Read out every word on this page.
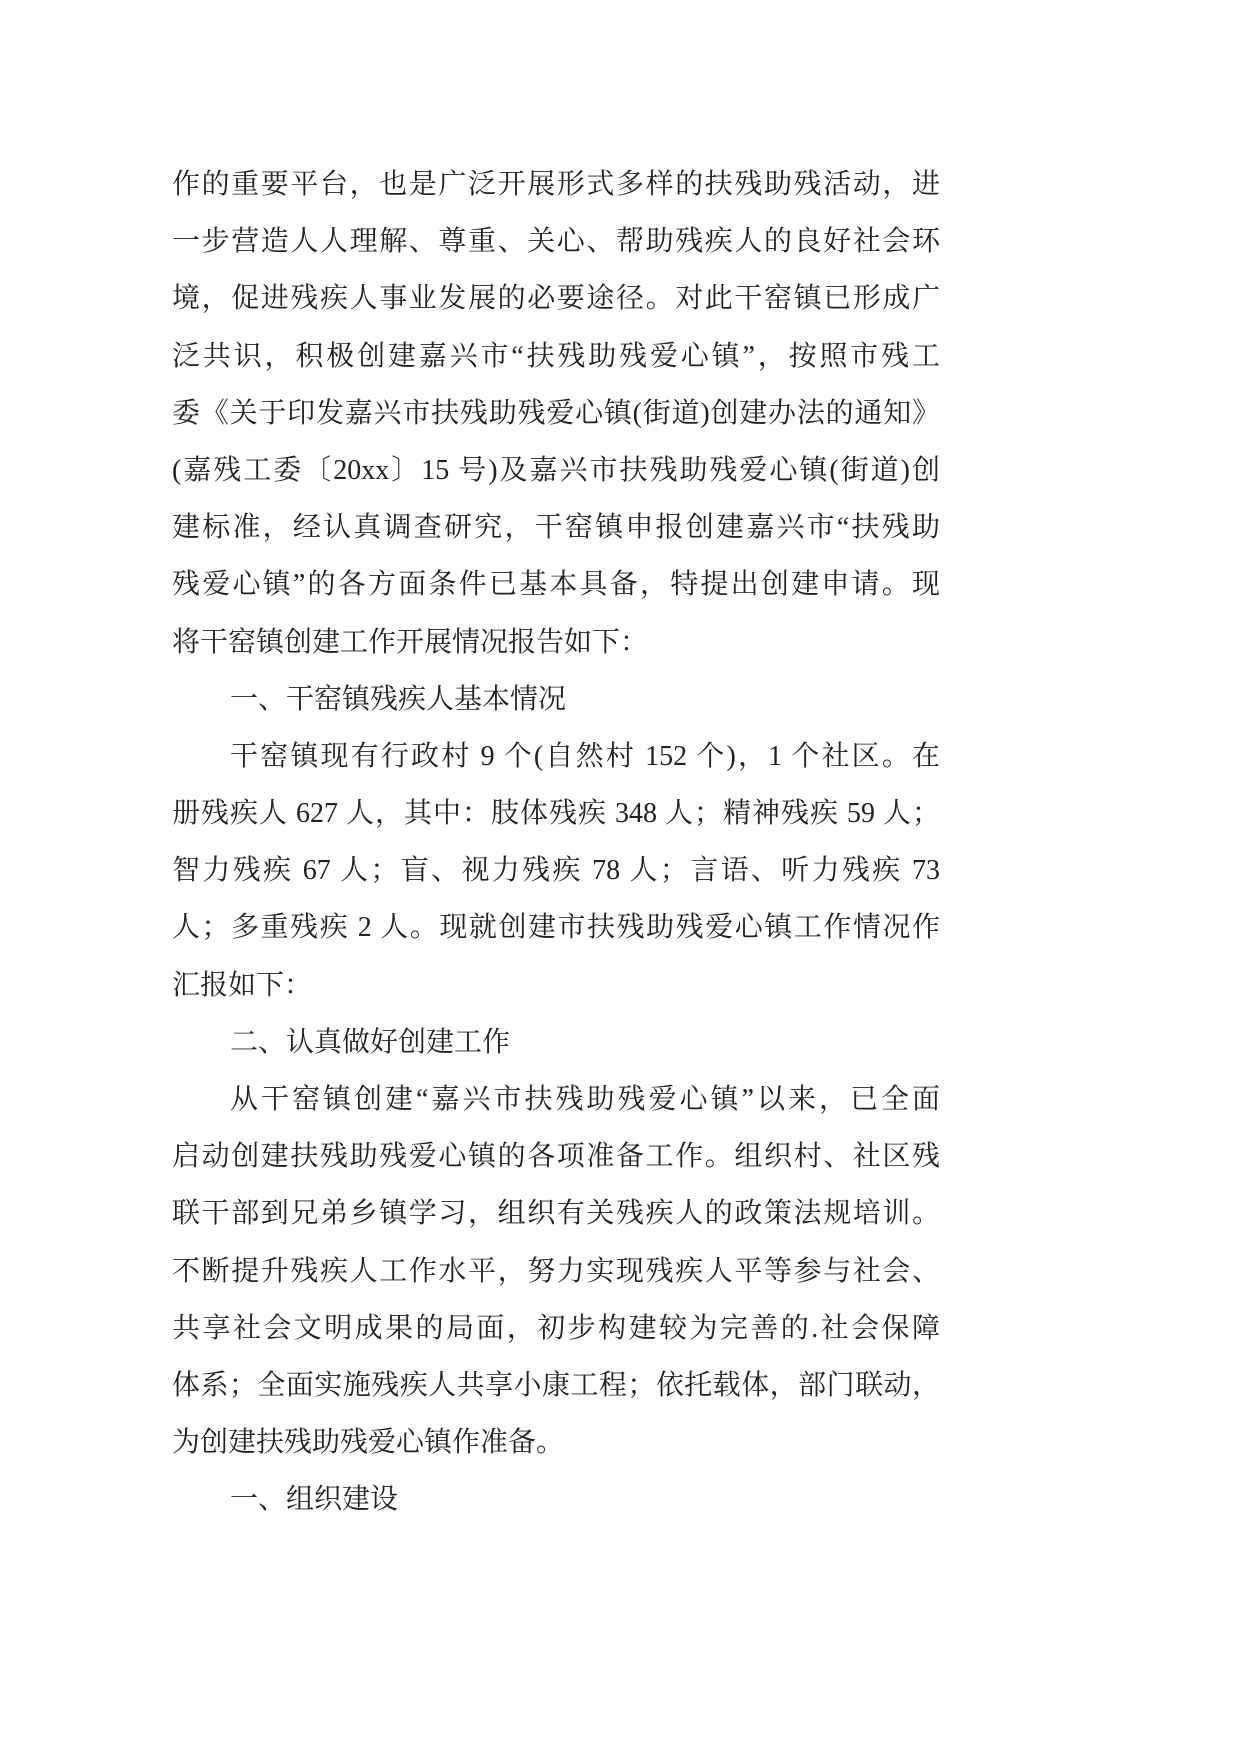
作的重要平台，也是广泛开展形式多样的扶残助残活动，进
一步营造人人理解、尊重、关心、帮助残疾人的良好社会环
境，促进残疾人事业发展的必要途径。对此干窑镇已形成广
泛共识，积极创建嘉兴市“扶残助残爱心镇”，按照市残工
委《关于印发嘉兴市扶残助残爱心镇(街道)创建办法的通知》
(嘉残工委〔20xx〕15 号)及嘉兴市扶残助残爱心镇(街道)创
建标准，经认真调查研究，干窑镇申报创建嘉兴市“扶残助
残爱心镇”的各方面条件已基本具备，特提出创建申请。现
将干窑镇创建工作开展情况报告如下：
一、干窑镇残疾人基本情况
干窑镇现有行政村 9 个(自然村 152 个)，1 个社区。在
册残疾人 627 人，其中：肢体残疾 348 人；精神残疾 59 人；
智力残疾 67 人；盲、视力残疾 78 人；言语、听力残疾 73
人；多重残疾 2 人。现就创建市扶残助残爱心镇工作情况作
汇报如下：
二、认真做好创建工作
从干窑镇创建“嘉兴市扶残助残爱心镇”以来，已全面
启动创建扶残助残爱心镇的各项准备工作。组织村、社区残
联干部到兄弟乡镇学习，组织有关残疾人的政策法规培训。
不断提升残疾人工作水平，努力实现残疾人平等参与社会、
共享社会文明成果的局面，初步构建较为完善的.社会保障
体系；全面实施残疾人共享小康工程；依托载体，部门联动，
为创建扶残助残爱心镇作准备。
一、组织建设
